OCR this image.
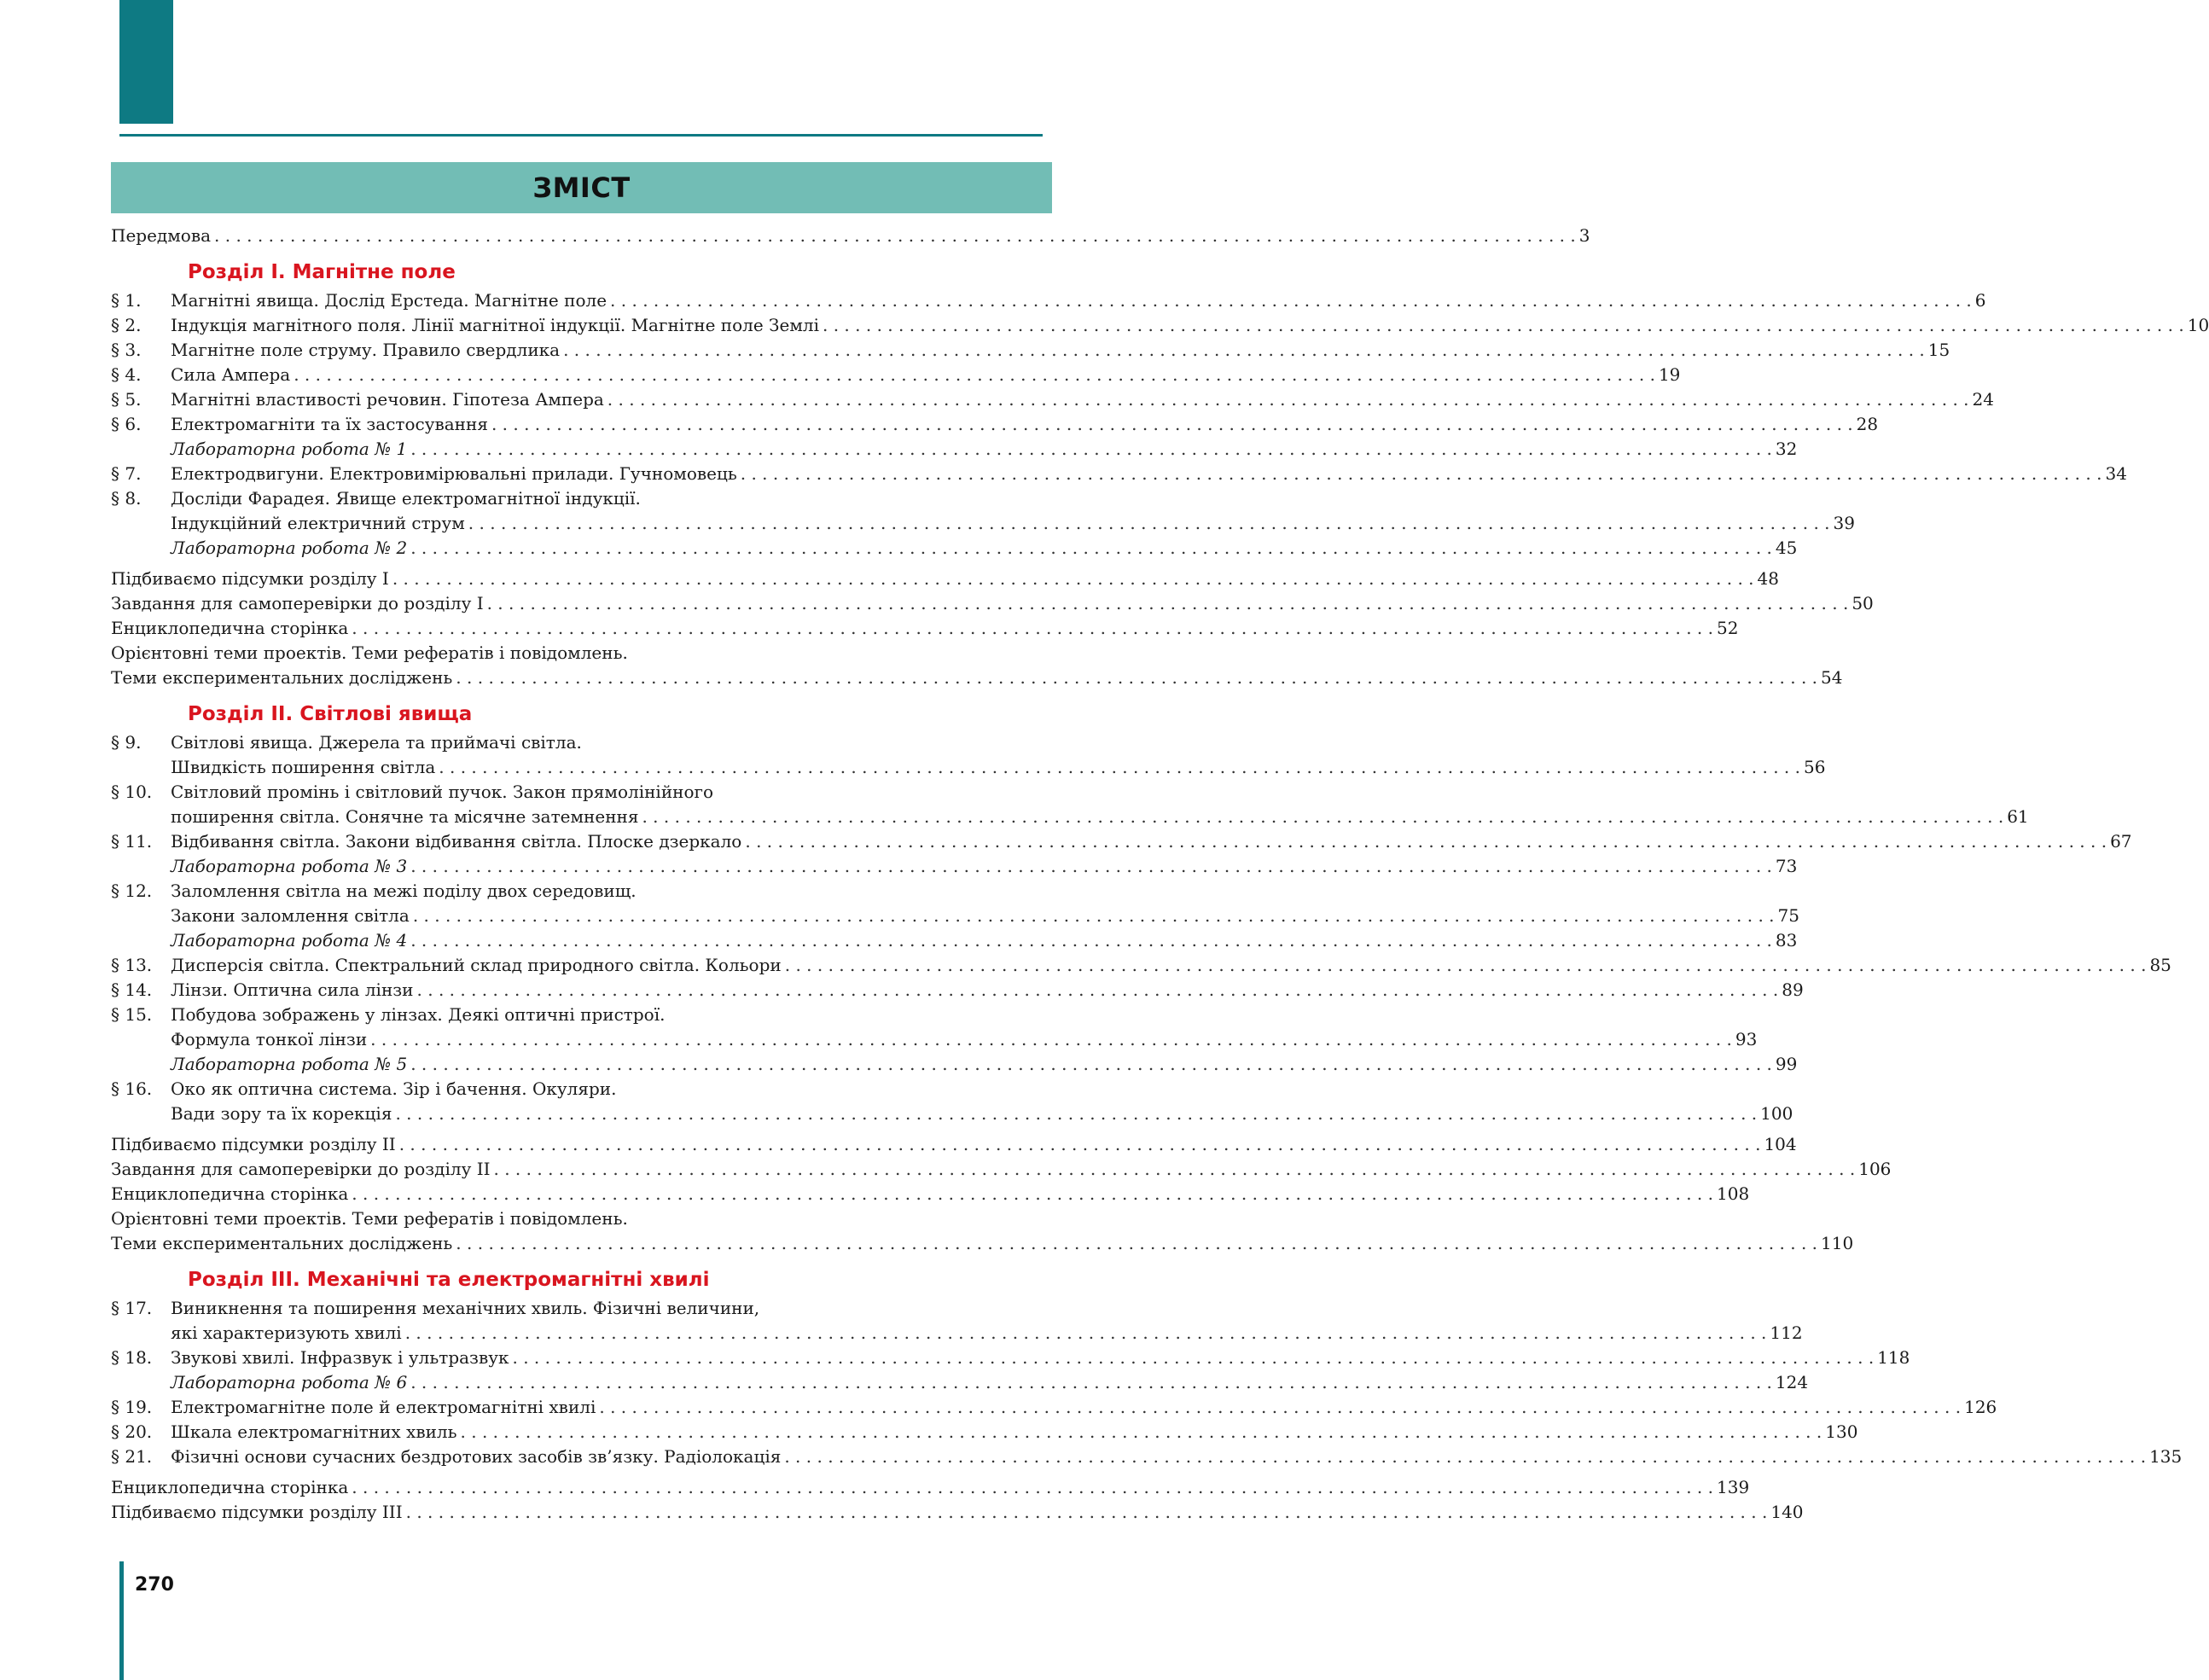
ЗМІСТ
Передмова . . .	3
Розділ I. Магнітне поле
§ 1.	Магнітні явища. Дослід Ерстеда. Магнітне поле . . .	6
§ 2.	Індукція магнітного поля. Лінії магнітної індукції. Магнітне поле Землі . . .	10
§ 3.	Магнітне поле струму. Правило свердлика . . .	15
§ 4.	Сила Ампера . . .	19
§ 5.	Магнітні властивості речовин. Гіпотеза Ампера . . .	24
§ 6.	Електромагніти та їх застосування . . .	28
Лабораторна робота № 1 . . .	32
§ 7.	Електродвигуни. Електровимірювальні прилади. Гучномовець . . .	34
§ 8.	Досліди Фарадея. Явище електромагнітної індукції.
Індукційний електричний струм . . .	39
Лабораторна робота № 2 . . .	45
Підбиваємо підсумки розділу I . . .	48
Завдання для самоперевірки до розділу I . . .	50
Енциклопедична сторінка . . .	52
Орієнтовні теми проектів. Теми рефератів і повідомлень.
Теми експериментальних досліджень . . .	54
Розділ II. Світлові явища
§ 9.	Світлові явища. Джерела та приймачі світла.
Швидкість поширення світла . . .	56
§ 10.	Світловий промінь і світловий пучок. Закон прямолінійного
поширення світла. Сонячне та місячне затемнення . . .	61
§ 11.	Відбивання світла. Закони відбивання світла. Плоске дзеркало . . .	67
Лабораторна робота № 3 . . .	73
§ 12.	Заломлення світла на межі поділу двох середовищ.
Закони заломлення світла . . .	75
Лабораторна робота № 4 . . .	83
§ 13.	Дисперсія світла. Спектральний склад природного світла. Кольори . . .	85
§ 14.	Лінзи. Оптична сила лінзи . . .	89
§ 15.	Побудова зображень у лінзах. Деякі оптичні пристрої.
Формула тонкої лінзи . . .	93
Лабораторна робота № 5 . . .	99
§ 16.	Око як оптична система. Зір і бачення. Окуляри.
Вади зору та їх корекція . . .	100
Підбиваємо підсумки розділу II . . .	104
Завдання для самоперевірки до розділу II . . .	106
Енциклопедична сторінка . . .	108
Орієнтовні теми проектів. Теми рефератів і повідомлень.
Теми експериментальних досліджень . . .	110
Розділ III. Механічні та електромагнітні хвилі
§ 17.	Виникнення та поширення механічних хвиль. Фізичні величини,
які характеризують хвилі . . .	112
§ 18.	Звукові хвилі. Інфразвук і ультразвук . . .	118
Лабораторна робота № 6 . . .	124
§ 19.	Електромагнітне поле й електромагнітні хвилі . . .	126
§ 20.	Шкала електромагнітних хвиль . . .	130
§ 21.	Фізичні основи сучасних бездротових засобів зв’язку. Радіолокація . . .	135
Енциклопедична сторінка . . .	139
Підбиваємо підсумки розділу III . . .	140
270
